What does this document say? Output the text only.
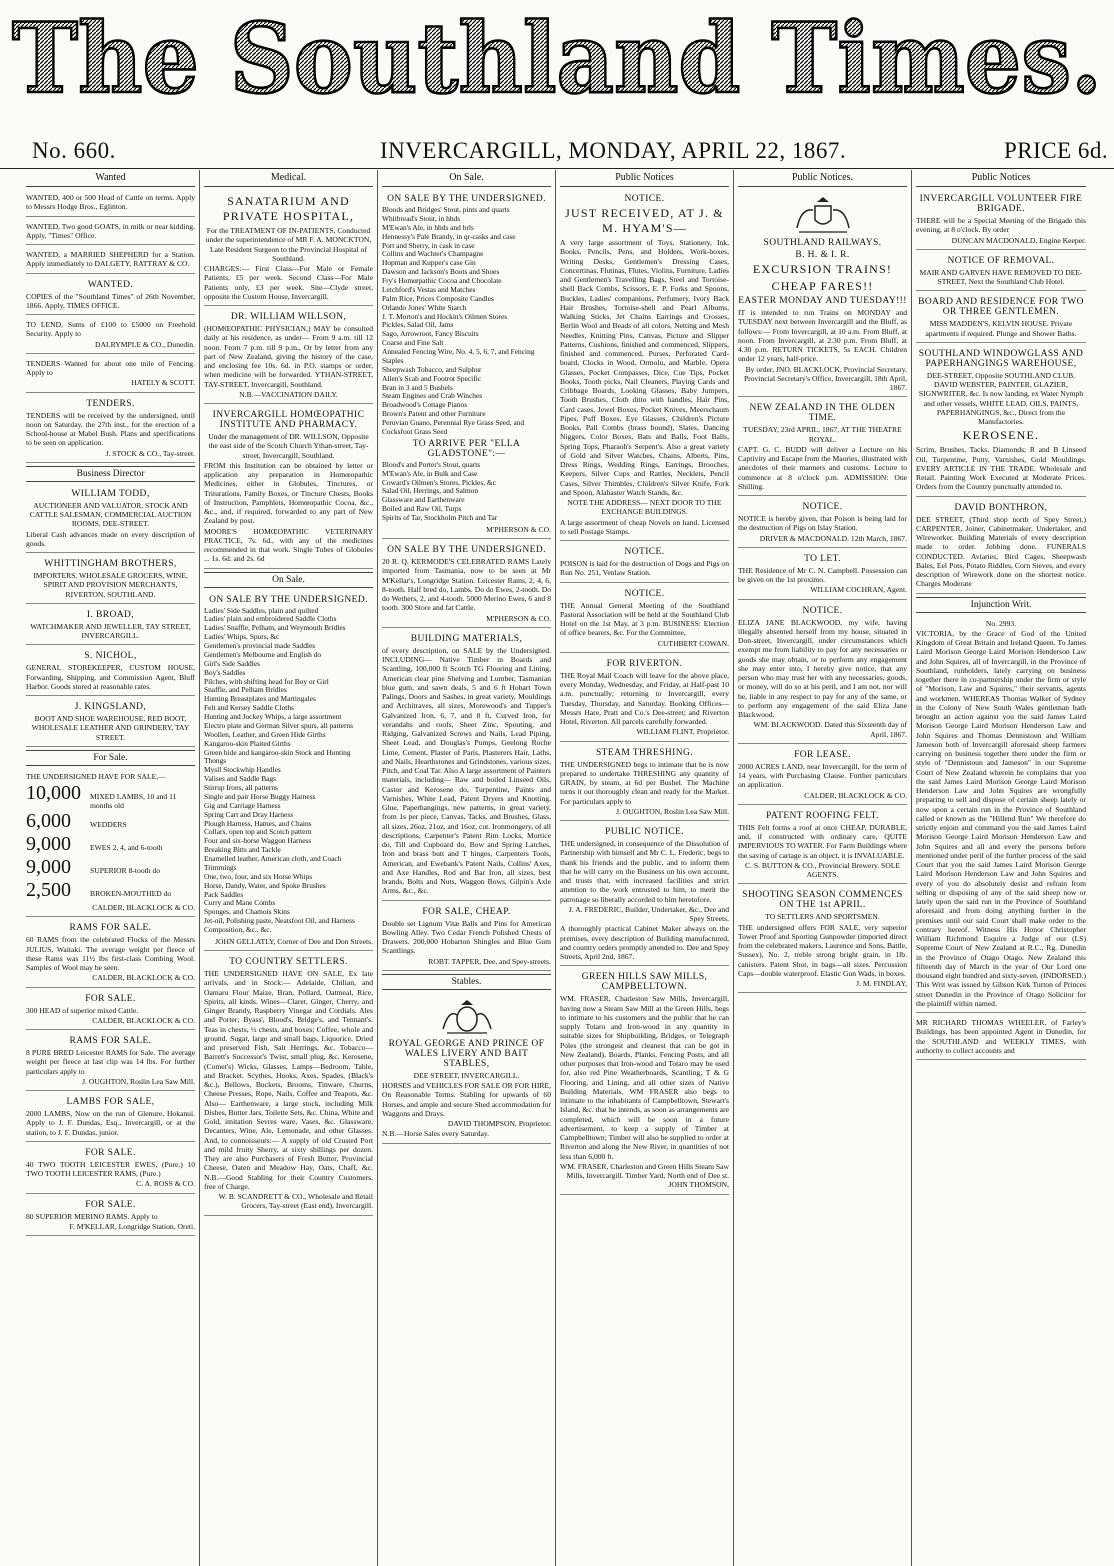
The Southland Times.
No. 660.	INVERCARGILL, MONDAY, APRIL 22, 1867.	PRICE 6d.
Wanted

WANTED, 400 or 500 Head of Cattle on terms. Apply to Messrs Hodge Bros., Eglinton.

WANTED, Two good GOATS, in milk or near kidding. Apply, "Times" Office.

WANTED, a MARRIED SHEPHERD for a Station. Apply immediately to DALGETY, RATTRAY & CO.

WANTED.

COPIES of the "Southland Times" of 26th November, 1866. Apply, TIMES OFFICE.

TO LEND, Sums of £100 to £5000 on Freehold Security. Apply to

DALRYMPLE & CO., Dunedin.

TENDERS Wanted for about one mile of Fencing. Apply to

HATELY & SCOTT.

TENDERS.

TENDERS will be received by the undersigned, until noon on Saturday, the 27th inst., for the erection of a School-house at Mabel Bush. Plans and specifications to be seen on application.

J. STOCK & CO., Tay-street.

Business Director
WILLIAM TODD,

AUCTIONEER AND VALUATOR, STOCK AND CATTLE SALESMAN, COMMERCIAL AUCTION ROOMS, DEE-STREET.

Liberal Cash advances made on every description of goods.

WHITTINGHAM BROTHERS,

IMPORTERS, WHOLESALE GROCERS, WINE, SPIRIT AND PROVISION MERCHANTS, RIVERTON, SOUTHLAND.

I. BROAD,

WATCHMAKER AND JEWELLER, TAY STREET, INVERCARGILL.

S. NICHOL,

GENERAL STOREKEEPER, CUSTOM HOUSE, Forwarding, Shipping, and Commission Agent, Bluff Harbor. Goods stored at reasonable rates.

J. KINGSLAND,

BOOT AND SHOE WAREHOUSE, RED BOOT, WHOLESALE LEATHER AND GRINDERY, TAY STREET.

For Sale.

THE UNDERSIGNED HAVE FOR SALE,—

10,000	MIXED LAMBS, 10 and 11 months old
6,000	WEDDERS
9,000	EWES 2, 4, and 6-tooth
9,000	SUPERIOR 8-tooth do
2,500	BROKEN-MOUTHED do

CALDER, BLACKLOCK & CO.

RAMS FOR SALE.

60 RAMS from the celebrated Flocks of the Messrs JULIUS, Waitaki. The average weight per fleece of these Rams was 11½ lbs first-class Combing Wool. Samples of Wool may be seen.

CALDER, BLACKLOCK & CO.

FOR SALE.

300 HEAD of superior mixed Cattle.

CALDER, BLACKLOCK & CO.

RAMS FOR SALE.

8 PURE BRED Leicester RAMS for Sale. The average weight per fleece at last clip was 14 lbs. For further particulars apply to

J. OUGHTON, Roslin Lea Saw Mill.

LAMBS FOR SALE,

2000 LAMBS, Now on the run of Glenure, Hokanui. Apply to J. F. Dundas, Esq., Invercargill, or at the station, to J. F. Dundas, junior.

FOR SALE.

40 TWO TOOTH LEICESTER EWES, (Pure.) 10 TWO TOOTH LEICESTER RAMS, (Pure.)

C. A. ROSS & CO.

FOR SALE.

80 SUPERIOR MERINO RAMS. Apply to

F. M'KELLAR, Longridge Station, Oreti.

Medical.
SANATARIUM AND PRIVATE HOSPITAL,

For the TREATMENT OF IN-PATIENTS, Conducted under the superintendence of MR F. A. MONCKTON, Late Resident Surgeon to the Provincial Hospital of Southland.

CHARGES:— First Class—For Male or Female Patients, £5 per week. Second Class—For Male Patients only, £3 per week. Site—Clyde street, opposite the Custom House, Invercargill.

DR. WILLIAM WILLSON,

(HOMŒOPATHIC PHYSICIAN,) MAY be consulted daily at his residence, as under— From 9 a.m. till 12 noon. From 7 p.m. till 9 p.m., Or by letter from any part of New Zealand, giving the history of the case, and enclosing fee 10s. 6d. in P.O. stamps or order, when medicine will be forwarded. YTHAN-STREET, TAY-STREET, Invercargill, Southland.

N.B.—VACCINATION DAILY.

INVERCARGILL HOMŒOPATHIC INSTITUTE AND PHARMACY.

Under the management of DR. WILLSON, Opposite the east side of the Scotch Church Ythan-street, Tay-street, Invercargill, Southland.

FROM this Institution can be obtained by letter or application any preparation in Homœopathic Medicines, either in Globules, Tinctures, or Triturations, Family Boxes, or Tincture Chests, Books of Instruction, Pamphlets, Homœopathic Cocoa, &c., &c., and, if required, forwarded to any part of New Zealand by post.

MOORE'S HOMŒOPATHIC VETERINARY PRACTICE, 7s. 6d., with any of the medicines recommended in that work. Single Tubes of Globules ... 1s. 6d. and 2s. 6d

On Sale.
ON SALE BY THE UNDERSIGNED.
Ladies' Side Saddles, plain and quilted
Ladies' plain and embroidered Saddle Cloths
Ladies' Snaffle, Pelham, and Weymouth Bridles
Ladies' Whips, Spurs, &c
Gentlemen's provincial made Saddles
Gentlemen's Melbourne and English do
Girl's Side Saddles
Boy's Saddles
Pilches, with shifting head for Boy or Girl
Snaffle, and Pelham Bridles
Hunting Breastplates and Martingales
Felt and Kersey Saddle Cloths
Hunting and Jockey Whips, a large assortment
Electro plate and German Silver spurs, all patterns
Woollen, Leather, and Green Hide Girths
Kangaroo-skin Plaited Girths
Green hide and kangaroo-skin Stock and Hunting Thongs
Mysll Stockwhip Handles
Valises and Saddle Bags
Stirrup Irons, all patterns
Single and pair Horse Buggy Harness
Gig and Carriage Harness
Spring Cart and Dray Harness
Plough Harness, Hames, and Chains
Collars, open top and Scotch pattern
Four and six-horse Waggon Harness
Breaking Bitts and Tackle
Enamelled leather, American cloth, and Coach Trimmings
One, two, four, and six Horse Whips
Horse, Dandy, Water, and Spoke Brushes
Pack Saddles
Curry and Mane Combs
Sponges, and Chamois Skins
Jet-oil, Polishing paste, Neatsfoot Oil, and Harness Composition, &c., &c.

JOHN GELLATLY, Corner of Dee and Don Streets.

TO COUNTRY SETTLERS.

THE UNDERSIGNED HAVE ON SALE, Ex late arrivals, and in Stock:— Adelaide, Chilian, and Oamaru Flour Maize, Bran, Pollard, Oatmeal, Rice, Spirits, all kinds. Wines—Claret, Ginger, Cherry, and Ginger Brandy, Raspberry Vinegar and Cordials. Ales and Porter; Byass', Blood's, Bridge's, and Tennant's. Teas in chests, ½ chests, and boxes; Coffee, whole and ground. Sugar, large and small bags, Liquorice. Dried and preserved Fish, Salt Herrings, &c. Tobacco—Barrett's Successor's Twist, small plug, &c. Kerosene, (Comet's) Wicks, Glasses, Lamps—Bedroom, Table, and Bracket. Scythes, Hooks, Axes, Spades, (Black's &c.), Bellows, Buckets, Brooms, Tinware, Churns, Cheese Presses, Rope, Nails, Coffee and Teapots, &c. Also— Earthenware, a large stock, including Milk Dishes, Butter Jars, Toilette Sets, &c. China, White and Gold, imitation Sevres ware, Vases, &c. Glassware, Decanters, Wine, Ale, Lemonade, and other Glasses. And, to connoisseurs:— A supply of old Crusted Port and mild fruity Sherry, at sixty shillings per dozen. They are also Purchasers of Fresh Butter, Provincial Cheese, Oaten and Meadow Hay, Oats, Chaff, &c. N.B.—Good Stabling for their Country Customers, free of Charge.

W. B. SCANDRETT & CO., Wholesale and Retail Grocers, Tay-street (East end), Invercargill.

On Sale.
ON SALE BY THE UNDERSIGNED.
Bloods and Bridges' Stout, pints and quarts
Whitbread's Stout, in hhds
M'Ewan's Ale, in hhds and brls
Hennessy's Pale Brandy, in qr-casks and case
Port and Sherry, in cask in case
Collins and Wachter's Champagne
Hopman and Kupper's case Gin
Dawson and Jackson's Boots and Shoes
Fry's Homœpathic Cocoa and Chocolate
Letchford's Vestas and Matches
Palm Rice, Prices Composite Candles
Orlando Jones' White Starch
J. T. Morton's and Hockin's Oilmen Stores
Pickles, Salad Oil, Jams
Sago, Arrowroot, Fancy Biscuits
Coarse and Fine Salt
Annealed Fencing Wire, No. 4, 5, 6, 7, and Fencing Staples
Sheepwash Tobacco, and Sulphur
Allen's Scab and Footrot Specific
Bran in 3 and 5 Bushels
Steam Engines and Crab Winches
Broadwood's Cottage Pianos
Brown's Patent and other Furniture
Peruvian Guano, Perennial Rye Grass Seed, and Cocksfoot Grass Seed
TO ARRIVE PER "ELLA GLADSTONE":—
Blood's and Porter's Stout, quarts
M'Ewan's Ale, in Bulk and Case
Coward's Oilmen's Stores, Pickles, &c
Salad Oil, Herrings, and Salmon
Glassware and Earthenware
Boiled and Raw Oil, Turps
Spirits of Tar, Stockholm Pitch and Tar

M'PHERSON & CO.

ON SALE BY THE UNDERSIGNED.

20 R. Q. KERMODE'S CELEBRATED RAMS Lately imported from Tasmania, now to be seen at Mr M'Kellar's, Longridge Station. Leicester Rams, 2, 4, 6, 8-tooth. Half bred do, Lambs. Do do Ewes, 2-tooth. Do do Wethers, 2, and 4-tooth. 5000 Merino Ewes, 6 and 8 tooth. 300 Store and fat Cattle.

M'PHERSON & CO.

BUILDING MATERIALS,

of every description, on SALE by the Undersigned. INCLUDING— Native Timber in Boards and Scantling, 100,000 ft Scotch TG Flooring and Lining, American clear pine Shelving and Lumber, Tasmanian blue gum, and sawn deals, 5 and 6 ft Hobart Town Palings, Doors and Sashes, in great variety, Mouldings and Architraves, all sizes, Morewood's and Tupper's Galvanized Iron, 6, 7, and 8 ft, Curved Iron, for verandahs and roofs, Sheet Zinc, Spouting, and Ridging, Galvanized Screws and Nails, Lead Piping, Sheet Lead, and Douglas's Pumps, Geelong Roche Lime, Cement, Plaster of Paris, Plasterers Hair, Laths, and Nails, Hearthstones and Grindstones, various sizes, Pitch, and Coal Tar. Also A large assortment of Painters materials, including— Raw and boiled Linseed Oils, Castor and Kerosene do, Turpentine, Paints and Varnishes, White Lead, Patent Dryers and Knotting, Glue, Paperhangings, new patterns, in great variety, from 1s per piece, Canvas, Tacks, and Brushes, Glass, all sizes, 26oz, 21oz, and 16oz, cut. Ironmongery, of all descriptions, Carpenter's Patent Rim Locks, Mortice do, Till and Cupboard do, Bow and Spring Latches, Iron and brass butt and T hinges, Carpenters Tools, American, and Ewebank's Patent Nails, Collins' Axes, and Axe Handles, Rod and Bar Iron, all sizes, best brands, Bolts and Nuts, Waggon Bows, Gilpin's Axle Arms, &c., &c.

FOR SALE, CHEAP.

Double set Lignum Vitæ Balls and Pins for American Bowling Alley. Two Cedar French Polished Chests of Drawers. 200,000 Hobarton Shingles and Blue Gum Scantlings.

ROBT. TAPPER, Dee, and Spey-streets.

Stables.
ROYAL GEORGE AND PRINCE OF WALES LIVERY AND BAIT STABLES,

DEE STREET, INVERCARGILL.

HORSES and VEHICLES FOR SALE OR FOR HIRE, On Reasonable Terms. Stabling for upwards of 60 Horses, and ample and secure Shed accommodation for Waggons and Drays.

DAVID THOMPSON, Proprietor.

N.B.—Horse Sales every Saturday.

Public Notices
NOTICE.
JUST RECEIVED, AT J. & M. HYAM'S—

A very large assortment of Toys, Stationery, Ink, Books, Pencils, Pens, and Holders, Work-boxes, Writing Desks, Gentlemen's Dressing Cases, Concertinas, Flutinas, Flutes, Violins, Furniture, Ladies and Gentlemen's Travelling Bags, Steel and Tortoise-shell Back Combs, Scissors, E. P. Forks and Spoons, Buckles, Ladies' companions, Perfumery, Ivory Back Hair Brushes, Tortoise-shell and Pearl Albums, Walking Sticks, Jet Chains Earrings and Crosses, Berlin Wool and Beads of all colors, Netting and Mesh Needles, Knitting Pins, Canvas, Picture and Slipper Patterns, Cushions, finished and commenced, Slippers, finished and commenced, Purses, Perforated Card-board, Clocks in Wood, Ormolu, and Marble, Opera Glasses, Pocket Compasses, Dice, Cue Tips, Pocket Books, Tooth picks, Nail Cleaners, Playing Cards and Cribbage Boards, Looking Glasses, Baby Jumpers, Tooth Brushes, Cloth ditto with handles, Hair Pins, Card cases, Jewel Boxes, Pocket Knives, Meerschaum Pipes, Puff Boxes, Eye Glasses, Children's Picture Books, Pall Combs (brass bound), Slates, Dancing Niggers, Color Boxes, Bats and Balls, Foot Balls, Spring Tops, Pharaoh's Serpent's. Also a great variety of Gold and Silver Watches, Chains, Alberts, Pins, Dress Rings, Wedding Rings, Earrings, Brooches, Keepers, Silver Cups and Rattles, Necklets, Pencil Cases, Silver Thimbles, Children's Silver Knife, Fork and Spoon, Alabaster Watch Stands, &c.

NOTE THE ADDRESS— NEXT DOOR TO THE EXCHANGE BUILDINGS.

A large assortment of cheap Novels on hand. Licensed to sell Postage Stamps.

NOTICE.

POISON is laid for the destruction of Dogs and Pigs on Run No. 251, Venlaw Station.

NOTICE.

THE Annual General Meeting of the Southland Pastoral Association will be held at the Southland Club Hotel on the 1st May, at 3 p.m. BUSINESS: Election of office bearers, &c. For the Committee,

CUTHBERT COWAN.

FOR RIVERTON.

THE Royal Mail Coach will leave for the above place, every Monday, Wednesday, and Friday, at Half-past 10 a.m. punctually; returning to Invercargill, every Tuesday, Thursday, and Saturday. Booking Offices—Messrs Hare, Pratt and Co.'s Dee-street; and Riverton Hotel, Riverton. All parcels carefully forwarded.

WILLIAM FLINT, Proprietor.

STEAM THRESHING.

THE UNDERSIGNED begs to intimate that he is now prepared to undertake THRESHING any quantity of GRAIN, by steam, at 6d per Bushel. The Machine turns it out thoroughly clean and ready for the Market. For particulars apply to

J. OUGHTON, Roslin Lea Saw Mill.

PUBLIC NOTICE.

THE undersigned, in consequence of the Dissolution of Partnership with himself and Mr C. L. Frederic, begs to thank his friends and the public, and to inform them that he will carry on the Business on his own account, and trusts that, with increased facilities and strict attention to the work entrusted to him, to merit the patronage so liberally accorded to him heretofore.

J. A. FREDERIC, Builder, Undertaker, &c., Dee and Spey Streets.

A thoroughly practical Cabinet Maker always on the premises, every description of Building manufactured, and country orders promptly attended to. Dee and Spey Streets, April 2nd, 1867.

GREEN HILLS SAW MILLS, CAMPBELLTOWN.

WM. FRASER, Charleston Saw Mills, Invercargill, having now a Steam Saw Mill at the Green Hills, begs to intimate to his customers and the public that he can supply Totaro and Iron-wood in any quantity in suitable sizes for Shipbuilding, Bridges, or Telegraph Poles (the strongest and cleanest that can be got in New Zealand), Boards, Planks, Fencing Posts, and all other purposes that Iron-wood and Totaro may be used for, also red Pine Weatherboards, Scantling, T & G Flooring, and Lining, and all other sizes of Native Building Materials. WM FRASER also begs to intimate to the inhabitants of Campbelltown, Stewart's Island, &c. that he intends, as soon as arrangements are completed, which will be soon in a future advertisement, to keep a supply of Timber at Campbelltown; Timber will also be supplied to order at Riverton and along the New River, in quantities of not less than 6,000 ft.

WM. FRASER, Charleston and Green Hills Steam Saw Mills, Invercargill. Timber Yard, North end of Dee st. JOHN THOMSON,

Public Notices.
SOUTHLAND RAILWAYS.
B. H. & I. R.
EXCURSION TRAINS!
CHEAP FARES!!
EASTER MONDAY AND TUESDAY!!!

IT is intended to run Trains on MONDAY and TUESDAY next between Invercargill and the Bluff, as follows:— From Invercargill, at 10 a.m. From Bluff, at noon. From Invercargill, at 2.30 p.m. From Bluff, at 4.30 p.m. RETURN TICKETS, 5s EACH. Children under 12 years, half-price.

By order, JNO. BLACKLOCK, Provincial Secretary. Provincial Secretary's Office, Invercargill, 18th April, 1867.

NEW ZEALAND IN THE OLDEN TIME.

TUESDAY, 23rd APRIL, 1867, AT THE THEATRE ROYAL.

CAPT. G. C. BUDD will deliver a Lecture on his Captivity and Escape from the Maories, illustrated with anecdotes of their manners and customs. Lecture to commence at 8 o'clock p.m. ADMISSION: One Shilling.

NOTICE.

NOTICE is hereby given, that Poison is being laid for the destruction of Pigs on Islay Station.

DRIVER & MACDONALD. 12th March, 1867.

TO LET.

THE Residence of Mr C. N. Campbell. Possession can be given on the 1st proximo.

WILLIAM COCHRAN, Agent.

NOTICE.

ELIZA JANE BLACKWOOD, my wife, having illegally absented herself from my house, situated in Don-street, Invercargill, under circumstances which exempt me from liability to pay for any necessaries or goods she may obtain, or to perform any engagement she may enter into, I hereby give notice, that any person who may trust her with any necessaries, goods, or money, will do so at his peril, and I am not, nor will be, liable in any respect to pay for any of the same, or to perform any engagement of the said Eliza Jane Blackwood.

WM. BLACKWOOD. Dated this Sixteenth day of April, 1867.

FOR LEASE.

2000 ACRES LAND, near Invercargill, for the term of 14 years, with Purchasing Clause. Further particulars on application.

CALDER, BLACKLOCK & CO.

PATENT ROOFING FELT.

THIS Felt forms a roof at once CHEAP, DURABLE, and, if constructed with ordinary care, QUITE IMPERVIOUS TO WATER. For Farm Buildings where the saving of cartage is an object, it is INVALUABLE.

C. S. BUTTON & CO., Provincial Brewery. SOLE AGENTS.

SHOOTING SEASON COMMENCES ON THE 1st APRIL.

TO SETTLERS AND SPORTSMEN.

THE undersigned offers FOR SALE, very superior Tower Proof and Sporting Gunpowder (imported direct from the celebrated makers, Laurence and Sons, Battle, Sussex), No. 2, treble strong bright grain, in 1lb. canisters. Patent Shot, in bags—all sizes. Percussion Caps—double waterproof. Elastic Gun Wads, in boxes.

J. M. FINDLAY,

Public Notices
INVERCARGILL VOLUNTEER FIRE BRIGADE.

THERE will be a Special Meeting of the Brigade this evening, at 8 o'clock. By order

DUNCAN MACDONALD, Engine Keeper.

NOTICE OF REMOVAL.

MAIR AND GARVEN HAVE REMOVED TO DEE-STREET, Next the Southland Club Hotel.

BOARD AND RESIDENCE FOR TWO OR THREE GENTLEMEN.

MISS MADDEN'S, KELVIN HOUSE. Private apartments if required. Plunge and Shower Baths.

SOUTHLAND WINDOWGLASS AND PAPERHANGINGS WAREHOUSE,

DEE-STREET, Opposite SOUTHLAND CLUB. DAVID WEBSTER, PAINTER, GLAZIER, SIGNWRITER, &c. Is now landing, ex Water Nymph and other vessels, WHITE LEAD, OILS, PAINTS, PAPERHANGINGS, &c., Direct from the Manufactories.

KEROSENE.

Scrim, Brushes, Tacks, Diamonds; R and B Linseed Oil, Turpentine, Putty, Varnishes, Gold Mouldings. EVERY ARTICLE IN THE TRADE. Wholesale and Retail. Painting Work Executed at Moderate Prices. Orders from the Country punctually attended to.

DAVID BONTHRON,

DEE STREET, (Third shop north of Spey Street.) CARPENTER, Joiner, Cabinetmaker, Undertaker, and Wireworker. Building Materials of every description made to order. Jobbing done. FUNERALS CONDUCTED. Aviaries, Bird Cages, Sheepwash Bales, Eel Pots, Potato Riddles, Corn Sieves, and every description of Wirework done on the shortest notice. Charges Moderate

Injunction Writ.

No. 2993.

VICTORIA, by the Grace of God of the United Kingdom of Great Britain and Ireland Queen. To James Laird Morison George Laird Morison Henderson Law and John Squires, all of Invercargill, in the Province of Southland, runholders, lately carrying on business together there in co-partnership under the firm or style of "Morison, Law and Squires," their servants, agents and workmen. WHEREAS Thomas Walker of Sydney in the Colony of New South Wales gentleman hath brought an action against you the said James Laird Morison George Laird Morison Henderson Law and John Squires and Thomas Dennistoun and William Jameson both of Invercargill aforesaid sheep farmers carrying on business together there under the firm or style of "Dennistoun and Jameson" in our Supreme Court of New Zealand wherein he complains that you the said James Laird Morison George Laird Morison Henderson Law and John Squires are wrongfully preparing to sell and dispose of certain sheep lately or now upon a certain run in the Province of Southland called or known as the "Hillend Run" We therefore do strictly enjoin and command you the said James Laird Morison George Laird Morison Henderson Law and John Squires and all and every the persons before mentioned under peril of the further process of the said Court that you the said James Laird Morison George Laird Morison Henderson Law and John Squires and every of you do absolutely desist and refrain from selling or disposing of any of the said sheep now or lately upon the said run in the Province of Southland aforesaid and from doing anything further in the premises until our said Court shall make order to the contrary hereof. Witness His Honor Christopher William Richmond Esquire a Judge of our (LS) Supreme Court of New Zealand at R.C., Rg. Dunedin in the Province of Otago Otago. New Zealand this fifteenth day of March in the year of Our Lord one thousand eight hundred and sixty-seven. (INDORSED.) This Writ was issued by Gibson Kirk Turton of Princes street Dunedin in the Province of Otago Solicitor for the plaintiff within named.

MR RICHARD THOMAS WHEELER, of Farley's Buildings, has been appointed Agent in Dunedin, for the SOUTHLAND and WEEKLY TIMES, with authority to collect accounts and
